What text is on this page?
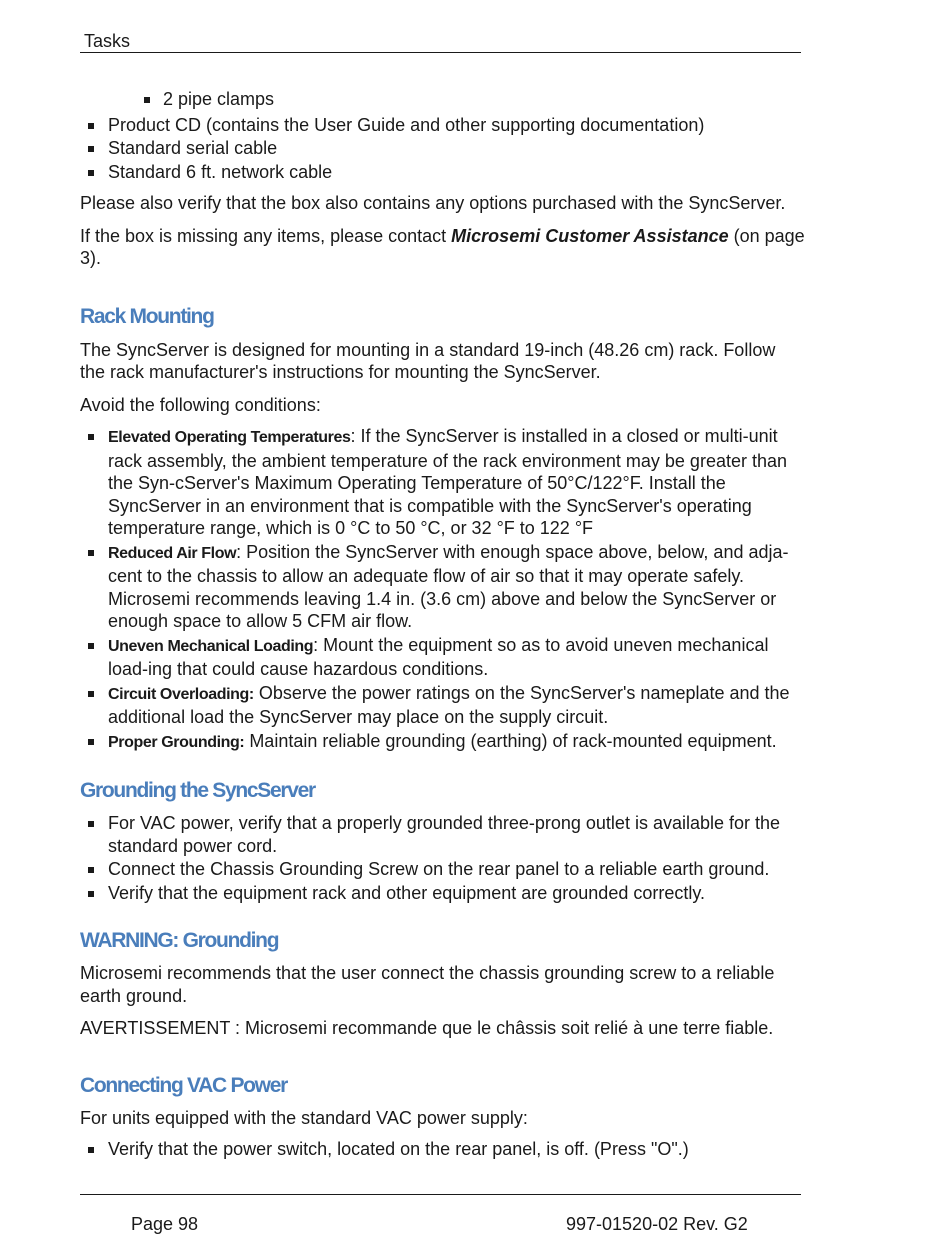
Tasks
2 pipe clamps
Product CD (contains the User Guide and other supporting documentation)
Standard serial cable
Standard 6 ft. network cable

Please also verify that the box also contains any options purchased with the SyncServer.

If the box is missing any items, please contact Microsemi Customer Assistance (on page 3).

Rack Mounting

The SyncServer is designed for mounting in a standard 19-inch (48.26 cm) rack. Follow the rack manufacturer's instructions for mounting the SyncServer.

Avoid the following conditions:

Elevated Operating Temperatures: If the SyncServer is installed in a closed or multi-unit rack assembly, the ambient temperature of the rack environment may be greater than the Syn-cServer's Maximum Operating Temperature of 50°C/122°F. Install the SyncServer in an environment that is compatible with the SyncServer's operating temperature range, which is 0 °C to 50 °C, or 32 °F to 122 °F
Reduced Air Flow: Position the SyncServer with enough space above, below, and adja-cent to the chassis to allow an adequate flow of air so that it may operate safely. Microsemi recommends leaving 1.4 in. (3.6 cm) above and below the SyncServer or enough space to allow 5 CFM air flow.
Uneven Mechanical Loading: Mount the equipment so as to avoid uneven mechanical load-ing that could cause hazardous conditions.
Circuit Overloading: Observe the power ratings on the SyncServer's nameplate and the additional load the SyncServer may place on the supply circuit.
Proper Grounding: Maintain reliable grounding (earthing) of rack-mounted equipment.
Grounding the SyncServer
For VAC power, verify that a properly grounded three-prong outlet is available for the standard power cord.
Connect the Chassis Grounding Screw on the rear panel to a reliable earth ground.
Verify that the equipment rack and other equipment are grounded correctly.
WARNING: Grounding

Microsemi recommends that the user connect the chassis grounding screw to a reliable earth ground.

AVERTISSEMENT : Microsemi recommande que le châssis soit relié à une terre fiable.

Connecting VAC Power

For units equipped with the standard VAC power supply:

Verify that the power switch, located on the rear panel, is off. (Press "O".)
Page 98	997-01520-02 Rev. G2
